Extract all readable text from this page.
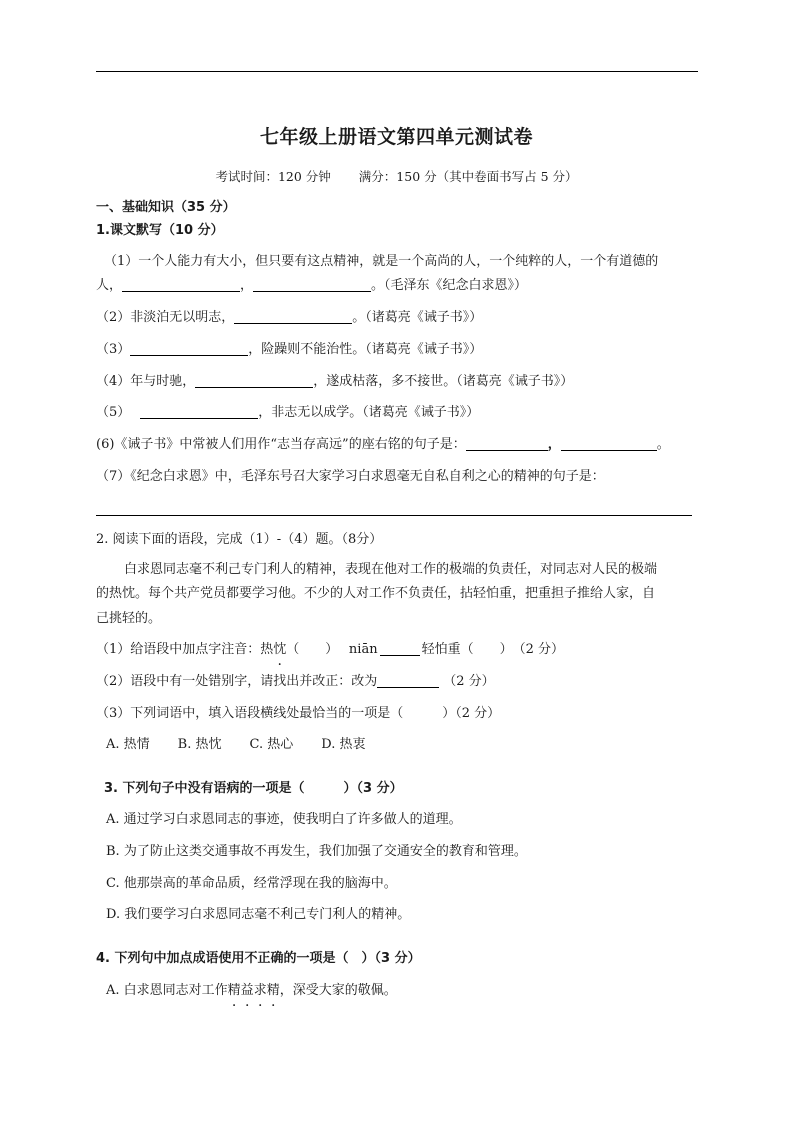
七年级上册语文第四单元测试卷
考试时间：120 分钟 满分：150 分（其中卷面书写占 5 分）
一、基础知识（35 分）
1.课文默写（10 分）
（1）一个人能力有大小，但只要有这点精神，就是一个高尚的人，一个纯粹的人，一个有道德的
人，	，	。（毛泽东《纪念白求恩》）
（2）非淡泊无以明志，	。（诸葛亮《诫子书》）
（3）	，险躁则不能治性。（诸葛亮《诫子书》）
（4）年与时驰，	，遂成枯落，多不接世。（诸葛亮《诫子书》）
（5）	，非志无以成学。（诸葛亮《诫子书》）
(6)《诫子书》中常被人们用作“志当存高远”的座右铭的句子是：	，	。
（7）《纪念白求恩》中，毛泽东号召大家学习白求恩毫无自私自利之心的精神的句子是：
2. 阅读下面的语段，完成（1）-（4）题。（8分）
白求恩同志毫不利己专门利人的精神，表现在他对工作的极端的负责任，对同志对人民的极端
的热忱。每个共产党员都要学习他。不少的人对工作不负责任，拈轻怕重，把重担子推给人家，自
己挑轻的。
（1）给语段中加点字注音：热忱（　　）　 niān	轻怕重（　　）　（2 分）
（2）语段中有一处错别字，请找出并改正：改为	（2 分）
（3）下列词语中，填入语段横线处最恰当的一项是（　　　）（2 分）
A. 热情 B. 热忱 C. 热心 D. 热衷
3. 下列句子中没有语病的一项是（　　　）（3 分）
A. 通过学习白求恩同志的事迹，使我明白了许多做人的道理。
B. 为了防止这类交通事故不再发生，我们加强了交通安全的教育和管理。
C. 他那崇高的革命品质，经常浮现在我的脑海中。
D. 我们要学习白求恩同志毫不利己专门利人的精神。
4. 下列句中加点成语使用不正确的一项是（　）（3 分）
A. 白求恩同志对工作精益求精，深受大家的敬佩。
